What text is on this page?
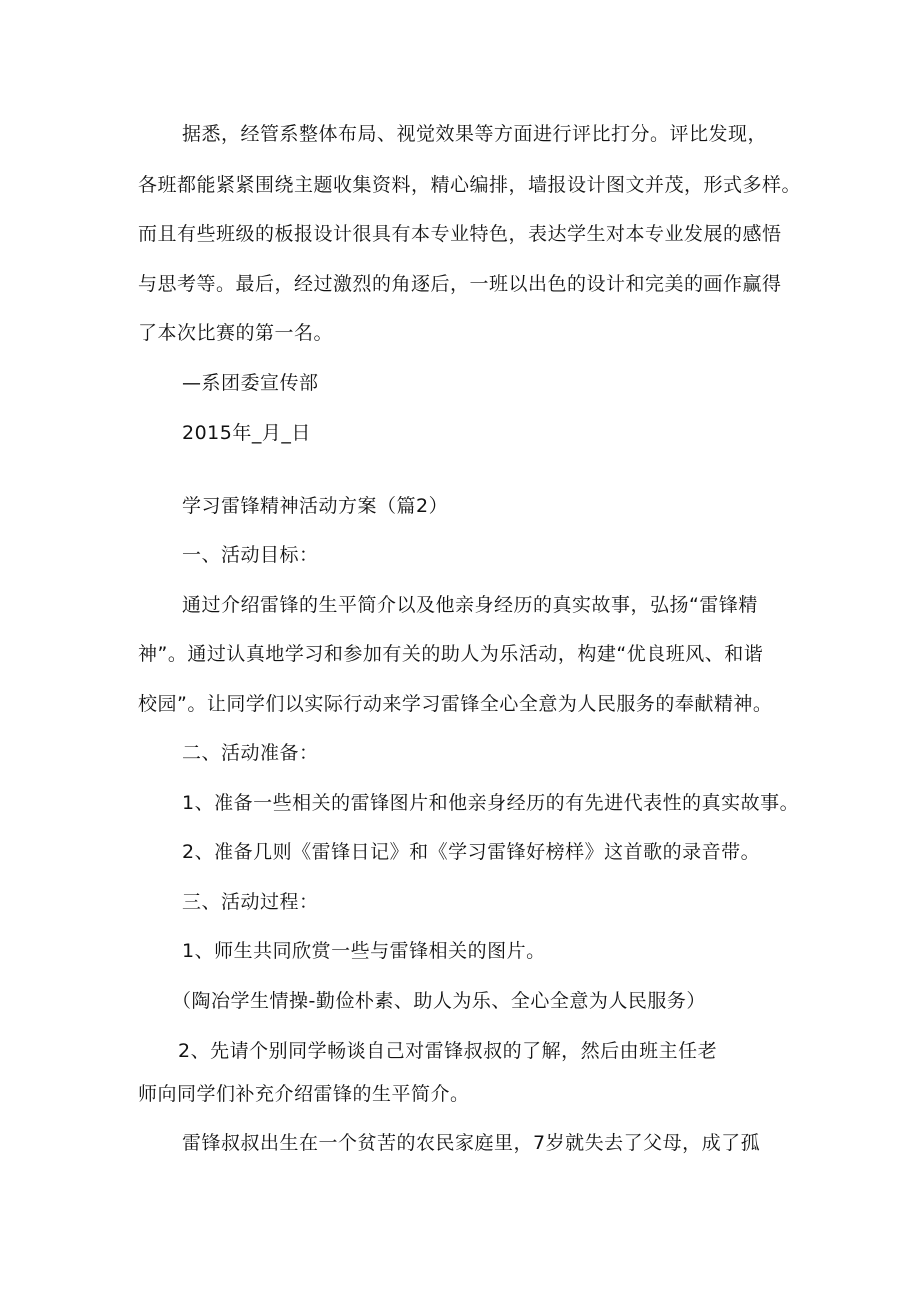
据悉，经管系整体布局、视觉效果等方面进行评比打分。评比发现，
各班都能紧紧围绕主题收集资料，精心编排，墙报设计图文并茂，形式多样。
而且有些班级的板报设计很具有本专业特色，表达学生对本专业发展的感悟
与思考等。最后，经过激烈的角逐后，一班以出色的设计和完美的画作赢得
了本次比赛的第一名。
—系团委宣传部
2015年_月_日
学习雷锋精神活动方案（篇2）
一、活动目标：
通过介绍雷锋的生平简介以及他亲身经历的真实故事，弘扬“雷锋精
神”。通过认真地学习和参加有关的助人为乐活动，构建“优良班风、和谐
校园”。让同学们以实际行动来学习雷锋全心全意为人民服务的奉献精神。
二、活动准备：
1、准备一些相关的雷锋图片和他亲身经历的有先进代表性的真实故事。
2、准备几则《雷锋日记》和《学习雷锋好榜样》这首歌的录音带。
三、活动过程：
1、师生共同欣赏一些与雷锋相关的图片。
（陶冶学生情操-勤俭朴素、助人为乐、全心全意为人民服务）
2、先请个别同学畅谈自己对雷锋叔叔的了解，然后由班主任老
师向同学们补充介绍雷锋的生平简介。
雷锋叔叔出生在一个贫苦的农民家庭里，7岁就失去了父母，成了孤
